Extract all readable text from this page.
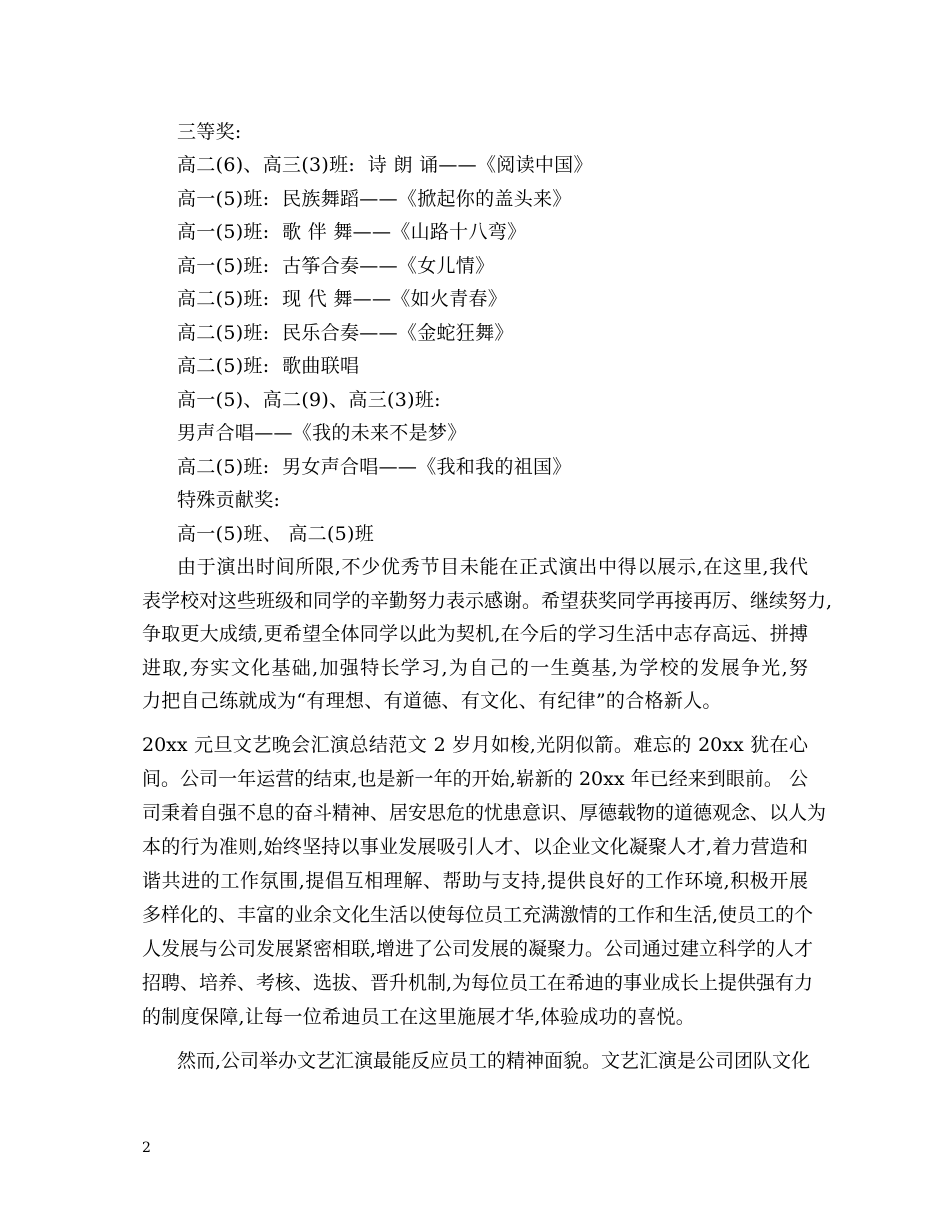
三等奖:
高二(6)、高三(3)班:  诗 朗 诵——《阅读中国》
高一(5)班:  民族舞蹈——《掀起你的盖头来》
高一(5)班:  歌 伴 舞——《山路十八弯》
高一(5)班:  古筝合奏——《女儿情》
高二(5)班:  现 代 舞——《如火青春》
高二(5)班:  民乐合奏——《金蛇狂舞》
高二(5)班:  歌曲联唱
高一(5)、高二(9)、高三(3)班:
男声合唱——《我的未来不是梦》
高二(5)班:  男女声合唱——《我和我的祖国》
特殊贡献奖:
高一(5)班、 高二(5)班
由于演出时间所限,不少优秀节目未能在正式演出中得以展示,在这里,我代
表学校对这些班级和同学的辛勤努力表示感谢。希望获奖同学再接再厉、继续努力,
争取更大成绩,更希望全体同学以此为契机,在今后的学习生活中志存高远、拼搏
进取,夯实文化基础,加强特长学习,为自己的一生奠基,为学校的发展争光,努
力把自己练就成为“有理想、有道德、有文化、有纪律”的合格新人。
20xx 元旦文艺晚会汇演总结范文 2 岁月如梭,光阴似箭。难忘的 20xx 犹在心
间。公司一年运营的结束,也是新一年的开始,崭新的 20xx 年已经来到眼前。 公
司秉着自强不息的奋斗精神、居安思危的忧患意识、厚德载物的道德观念、以人为
本的行为准则,始终坚持以事业发展吸引人才、以企业文化凝聚人才,着力营造和
谐共进的工作氛围,提倡互相理解、帮助与支持,提供良好的工作环境,积极开展
多样化的、丰富的业余文化生活以使每位员工充满激情的工作和生活,使员工的个
人发展与公司发展紧密相联,增进了公司发展的凝聚力。公司通过建立科学的人才
招聘、培养、考核、选拔、晋升机制,为每位员工在希迪的事业成长上提供强有力
的制度保障,让每一位希迪员工在这里施展才华,体验成功的喜悦。
然而,公司举办文艺汇演最能反应员工的精神面貌。文艺汇演是公司团队文化
2
